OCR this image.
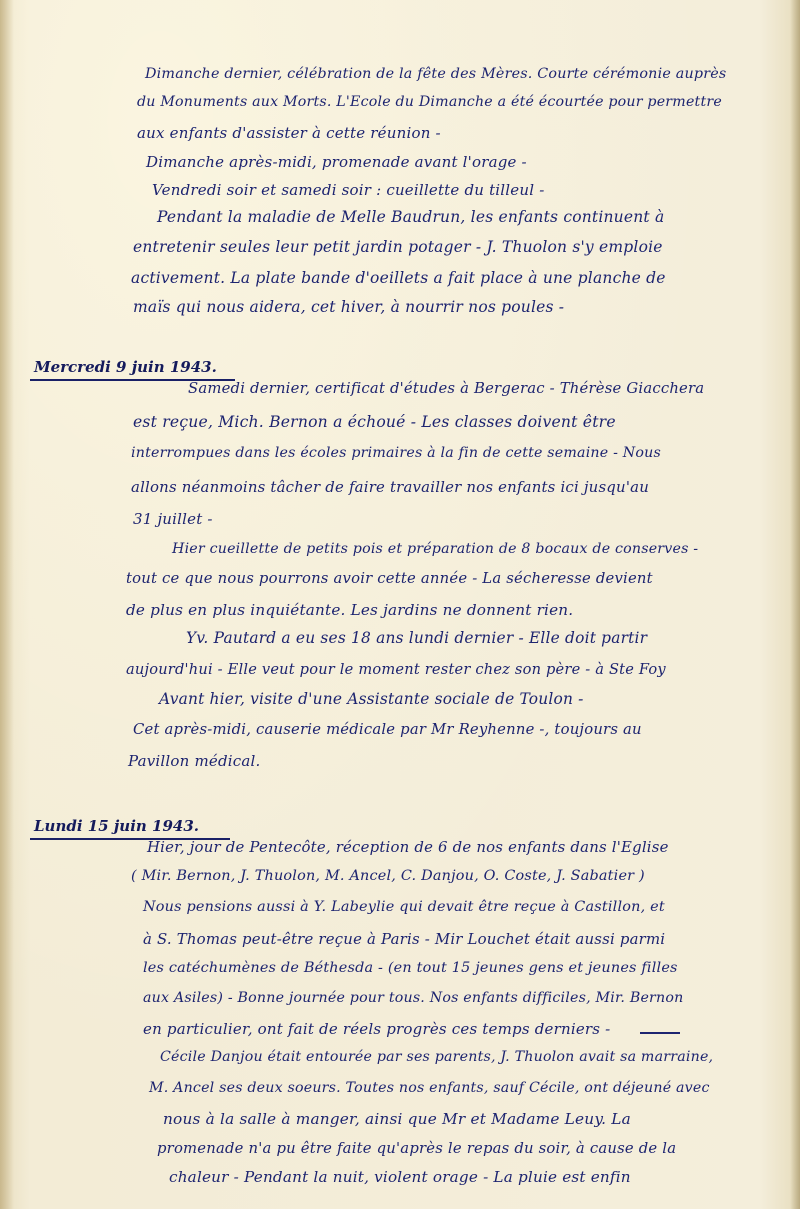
Dimanche dernier, célébration de la fête des Mères. Courte cérémonie auprès
du Monuments aux Morts. L'Ecole du Dimanche a été écourtée pour permettre
aux enfants d'assister à cette réunion -
Dimanche après-midi, promenade avant l'orage -
Vendredi soir et samedi soir : cueillette du tilleul -
Pendant la maladie de Melle Baudrun, les enfants continuent à
entretenir seules leur petit jardin potager - J. Thuolon s'y emploie
activement. La plate bande d'oeillets a fait place à une planche de
maïs qui nous aidera, cet hiver, à nourrir nos poules -
Mercredi 9 juin 1943.
Samedi dernier, certificat d'études à Bergerac - Thérèse Giacchera
est reçue, Mich. Bernon a échoué - Les classes doivent être
interrompues dans les écoles primaires à la fin de cette semaine - Nous
allons néanmoins tâcher de faire travailler nos enfants ici jusqu'au
31 juillet -
Hier cueillette de petits pois et préparation de 8 bocaux de conserves -
tout ce que nous pourrons avoir cette année - La sécheresse devient
de plus en plus inquiétante. Les jardins ne donnent rien.
Yv. Pautard a eu ses 18 ans lundi dernier - Elle doit partir
aujourd'hui - Elle veut pour le moment rester chez son père - à Ste Foy
Avant hier, visite d'une Assistante sociale de Toulon -
Cet après-midi, causerie médicale par Mr Reyhenne -, toujours au
Pavillon médical.
Lundi 15 juin 1943.
Hier, jour de Pentecôte, réception de 6 de nos enfants dans l'Eglise
( Mir. Bernon, J. Thuolon, M. Ancel, C. Danjou, O. Coste, J. Sabatier )
Nous pensions aussi à Y. Labeylie qui devait être reçue à Castillon, et
à S. Thomas peut-être reçue à Paris - Mir Louchet était aussi parmi
les catéchumènes de Béthesda - (en tout 15 jeunes gens et jeunes filles
aux Asiles) - Bonne journée pour tous. Nos enfants difficiles, Mir. Bernon
en particulier, ont fait de réels progrès ces temps derniers -
Cécile Danjou était entourée par ses parents, J. Thuolon avait sa marraine,
M. Ancel ses deux soeurs. Toutes nos enfants, sauf Cécile, ont déjeuné avec
nous à la salle à manger, ainsi que Mr et Madame Leuy. La
promenade n'a pu être faite qu'après le repas du soir, à cause de la
chaleur - Pendant la nuit, violent orage - La pluie est enfin
